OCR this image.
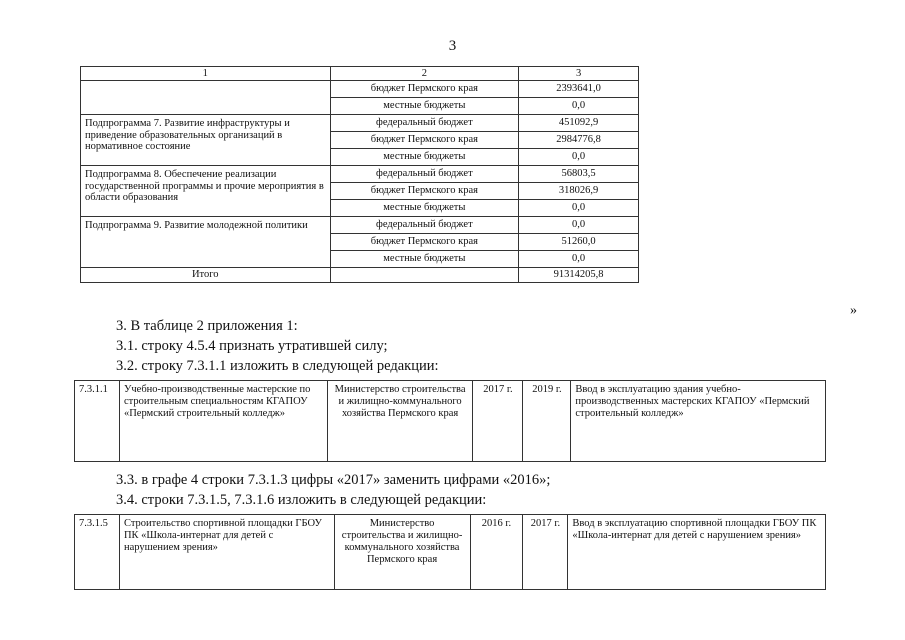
3
1	2	3
	бюджет Пермского края	2393641,0
	местные бюджеты	0,0
Подпрограмма 7. Развитие инфраструктуры и приведение образовательных организаций в нормативное состояние	федеральный бюджет	451092,9
	бюджет Пермского края	2984776,8
	местные бюджеты	0,0
Подпрограмма 8. Обеспечение реализации государственной программы и прочие мероприятия в области образования	федеральный бюджет	56803,5
	бюджет Пермского края	318026,9
	местные бюджеты	0,0
Подпрограмма 9. Развитие молодежной политики	федеральный бюджет	0,0
	бюджет Пермского края	51260,0
	местные бюджеты	0,0
Итого		91314205,8
»
3. В таблице 2 приложения 1:
3.1. строку 4.5.4 признать утратившей силу;
3.2. строку 7.3.1.1 изложить в следующей редакции:
7.3.1.1	Учебно-производственные мастерские по строительным специальностям КГАПОУ «Пермский строительный колледж»	Министерство строительства и жилищно-коммунального хозяйства Пермского края	2017 г.	2019 г.	Ввод в эксплуатацию здания учебно-производственных мастерских КГАПОУ «Пермский строительный колледж»
3.3. в графе 4 строки 7.3.1.3 цифры «2017» заменить цифрами «2016»;
3.4. строки 7.3.1.5, 7.3.1.6 изложить в следующей редакции:
7.3.1.5	Строительство спортивной площадки ГБОУ ПК «Школа-интернат для детей с нарушением зрения»	Министерство строительства и жилищно-коммунального хозяйства Пермского края	2016 г.	2017 г.	Ввод в эксплуатацию спортивной площадки ГБОУ ПК «Школа-интернат для детей с нарушением зрения»
